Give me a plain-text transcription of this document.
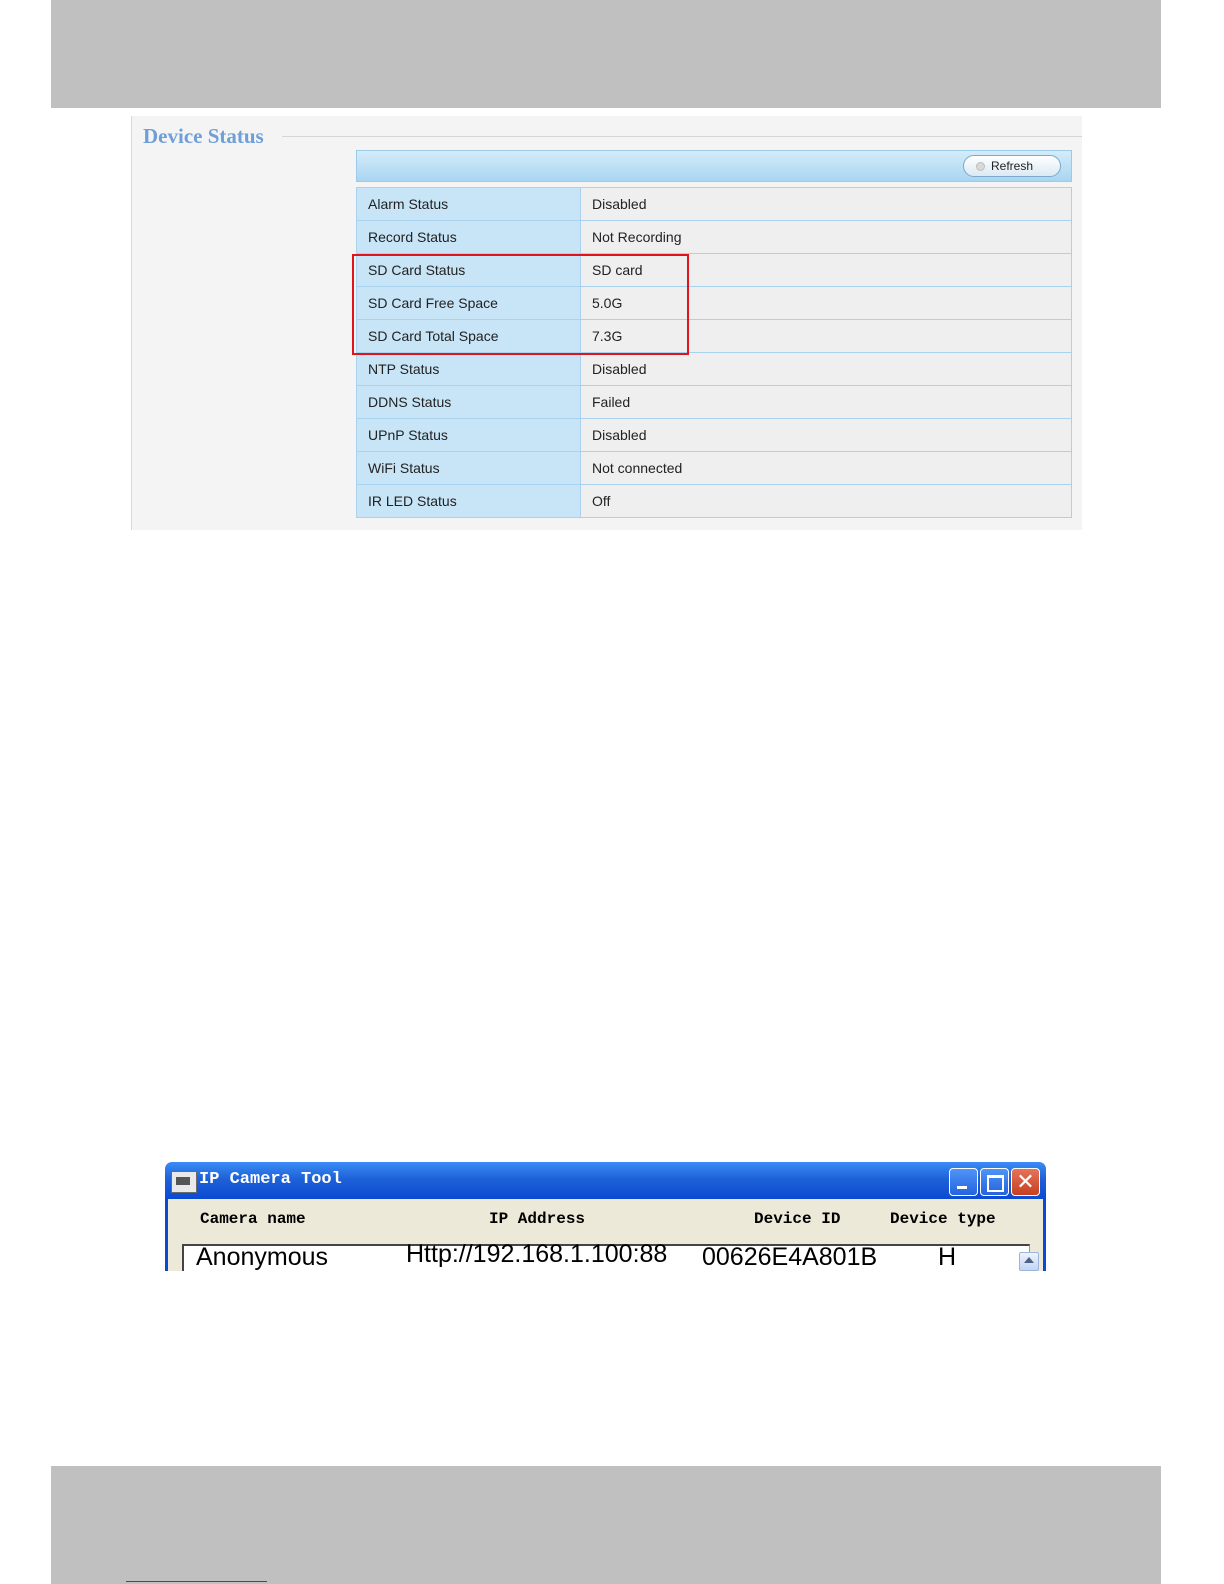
Device Status
Refresh
Alarm Status	Disabled
Record Status	Not Recording
SD Card Status	SD card
SD Card Free Space	5.0G
SD Card Total Space	7.3G
NTP Status	Disabled
DDNS Status	Failed
UPnP Status	Disabled
WiFi Status	Not connected
IR LED Status	Off
IP Camera Tool	✕
Camera name	IP Address	Device ID	Device type
Anonymous	Http://192.168.1.100:88 00626E4A801B H
